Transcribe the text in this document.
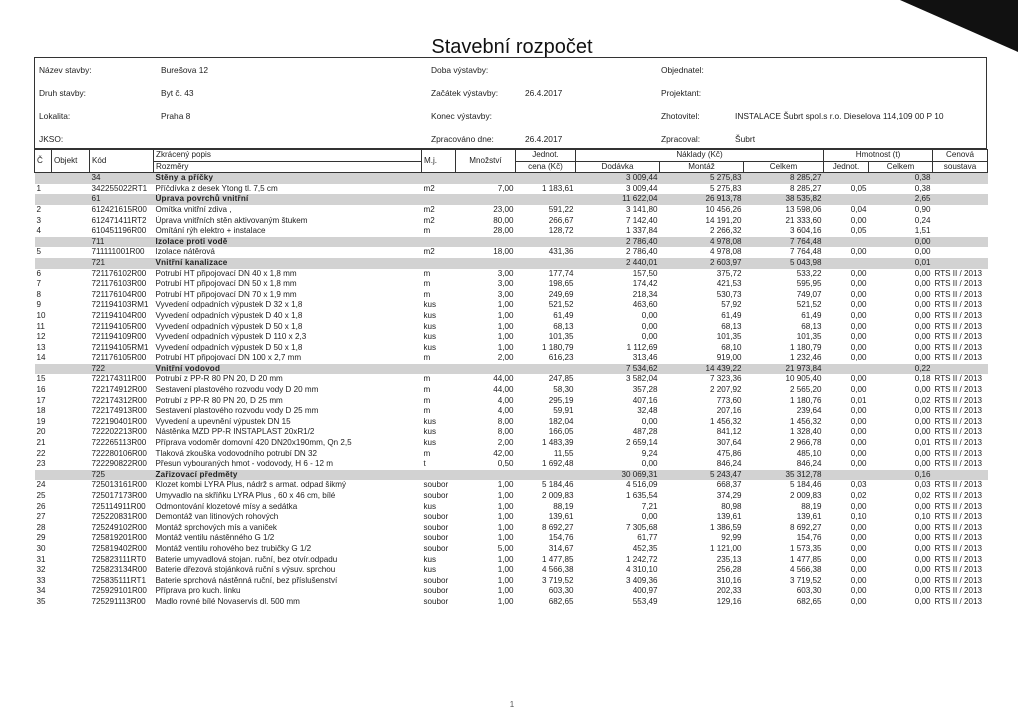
Stavební rozpočet
Název stavby:	Burešova 12	Doba výstavby:	Objednatel:
Druh stavby:	Byt č. 43	Začátek výstavby:	26.4.2017	Projektant:
Lokalita:	Praha 8	Konec výstavby:	Zhotovitel:	INSTALACE Šubrt spol.s r.o. Dieselova 114,109 00 P 10
JKSO:	Zpracováno dne:	26.4.2017	Zpracoval:	Šubrt
Č	Objekt	Kód	Zkrácený popis	M.j.	Množství	Jednot.	Náklady (Kč)			Hmotnost (t)		Cenová
			Rozměry			cena (Kč)	Dodávka	Montáž	Celkem	Jednot.	Celkem	soustava
		34	Stěny a příčky				3 009,44	5 275,83	8 285,27		0,38	
1		342255022RT1	Příčdívka z desek Ytong tl. 7,5 cm	m2	7,00	1 183,61	3 009,44	5 275,83	8 285,27	0,05	0,38	
		61	Úprava povrchů vnitřní				11 622,04	26 913,78	38 535,82		2,65	
2		612421615R00	Omítka vnitřní zdiva ,	m2	23,00	591,22	3 141,80	10 456,26	13 598,06	0,04	0,90	
3		612471411RT2	Úprava vnitřních stěn aktivovaným štukem	m2	80,00	266,67	7 142,40	14 191,20	21 333,60	0,00	0,24	
4		610451196R00	Omítání rýh elektro + instalace	m	28,00	128,72	1 337,84	2 266,32	3 604,16	0,05	1,51	
		711	Izolace proti vodě				2 786,40	4 978,08	7 764,48		0,00	
5		711111001R00	Izolace nátěrová	m2	18,00	431,36	2 786,40	4 978,08	7 764,48	0,00	0,00	
		721	Vnitřní kanalizace				2 440,01	2 603,97	5 043,98		0,01	
6		721176102R00	Potrubí HT připojovací DN 40 x 1,8 mm	m	3,00	177,74	157,50	375,72	533,22	0,00	0,00	RTS II / 2013
7		721176103R00	Potrubí HT připojovací DN 50 x 1,8 mm	m	3,00	198,65	174,42	421,53	595,95	0,00	0,00	RTS II / 2013
8		721176104R00	Potrubí HT připojovací DN 70 x 1,9 mm	m	3,00	249,69	218,34	530,73	749,07	0,00	0,00	RTS II / 2013
9		721194103RM1	Vyvedení odpadních výpustek D 32 x 1,8	kus	1,00	521,52	463,60	57,92	521,52	0,00	0,00	RTS II / 2013
10		721194104R00	Vyvedení odpadních výpustek D 40 x 1,8	kus	1,00	61,49	0,00	61,49	61,49	0,00	0,00	RTS II / 2013
11		721194105R00	Vyvedení odpadních výpustek D 50 x 1,8	kus	1,00	68,13	0,00	68,13	68,13	0,00	0,00	RTS II / 2013
12		721194109R00	Vyvedení odpadních výpustek D 110 x 2,3	kus	1,00	101,35	0,00	101,35	101,35	0,00	0,00	RTS II / 2013
13		721194105RM1	Vyvedení odpadních výpustek D 50 x 1,8	kus	1,00	1 180,79	1 112,69	68,10	1 180,79	0,00	0,00	RTS II / 2013
14		721176105R00	Potrubí HT připojovací DN 100 x 2,7 mm	m	2,00	616,23	313,46	919,00	1 232,46	0,00	0,00	RTS II / 2013
		722	Vnitřní vodovod				7 534,62	14 439,22	21 973,84		0,22	
15		722174311R00	Potrubí z PP-R 80 PN 20, D 20 mm	m	44,00	247,85	3 582,04	7 323,36	10 905,40	0,00	0,18	RTS II / 2013
16		722174912R00	Sestavení plastového rozvodu vody D 20 mm	m	44,00	58,30	357,28	2 207,92	2 565,20	0,00	0,00	RTS II / 2013
17		722174312R00	Potrubí z PP-R 80 PN 20, D 25 mm	m	4,00	295,19	407,16	773,60	1 180,76	0,01	0,02	RTS II / 2013
18		722174913R00	Sestavení plastového rozvodu vody D 25 mm	m	4,00	59,91	32,48	207,16	239,64	0,00	0,00	RTS II / 2013
19		722190401R00	Vyvedení a upevnění výpustek DN 15	kus	8,00	182,04	0,00	1 456,32	1 456,32	0,00	0,00	RTS II / 2013
20		722202213R00	Nástěnka MZD PP-R INSTAPLAST 20xR1/2	kus	8,00	166,05	487,28	841,12	1 328,40	0,00	0,00	RTS II / 2013
21		722265113R00	Příprava vodoměr domovní 420 DN20x190mm, Qn 2,5	kus	2,00	1 483,39	2 659,14	307,64	2 966,78	0,00	0,01	RTS II / 2013
22		722280106R00	Tlaková zkouška vodovodního potrubí DN 32	m	42,00	11,55	9,24	475,86	485,10	0,00	0,00	RTS II / 2013
23		722290822R00	Přesun vybouraných hmot - vodovody, H 6 - 12 m	t	0,50	1 692,48	0,00	846,24	846,24	0,00	0,00	RTS II / 2013
		725	Zařizovací předměty				30 069,31	5 243,47	35 312,78		0,16	
24		725013161R00	Klozet kombi LYRA Plus, nádrž s armat. odpad šikmý	soubor	1,00	5 184,46	4 516,09	668,37	5 184,46	0,03	0,03	RTS II / 2013
25		725017173R00	Umyvadlo na skříňku LYRA Plus , 60 x 46 cm, bílé	soubor	1,00	2 009,83	1 635,54	374,29	2 009,83	0,02	0,02	RTS II / 2013
26		725114911R00	Odmontování klozetové mísy a sedátka	kus	1,00	88,19	7,21	80,98	88,19	0,00	0,00	RTS II / 2013
27		725220831R00	Demontáž van litinových rohových	soubor	1,00	139,61	0,00	139,61	139,61	0,10	0,10	RTS II / 2013
28		725249102R00	Montáž sprchových mís a vaniček	soubor	1,00	8 692,27	7 305,68	1 386,59	8 692,27	0,00	0,00	RTS II / 2013
29		725819201R00	Montáž ventilu nástěnného G 1/2	soubor	1,00	154,76	61,77	92,99	154,76	0,00	0,00	RTS II / 2013
30		725819402R00	Montáž ventilu rohového bez trubičky G 1/2	soubor	5,00	314,67	452,35	1 121,00	1 573,35	0,00	0,00	RTS II / 2013
31		725823111RT0	Baterie umyvadlová stojan. ruční, bez otvír.odpadu	kus	1,00	1 477,85	1 242,72	235,13	1 477,85	0,00	0,00	RTS II / 2013
32		725823134R00	Baterie dřezová stojánková ruční s výsuv. sprchou	kus	1,00	4 566,38	4 310,10	256,28	4 566,38	0,00	0,00	RTS II / 2013
33		725835111RT1	Baterie sprchová nástěnná ruční, bez příslušenství	soubor	1,00	3 719,52	3 409,36	310,16	3 719,52	0,00	0,00	RTS II / 2013
34		725929101R00	Příprava pro kuch. linku	soubor	1,00	603,30	400,97	202,33	603,30	0,00	0,00	RTS II / 2013
35		725291113R00	Madlo rovné bílé Novaservis dl. 500 mm	soubor	1,00	682,65	553,49	129,16	682,65	0,00	0,00	RTS II / 2013
1
